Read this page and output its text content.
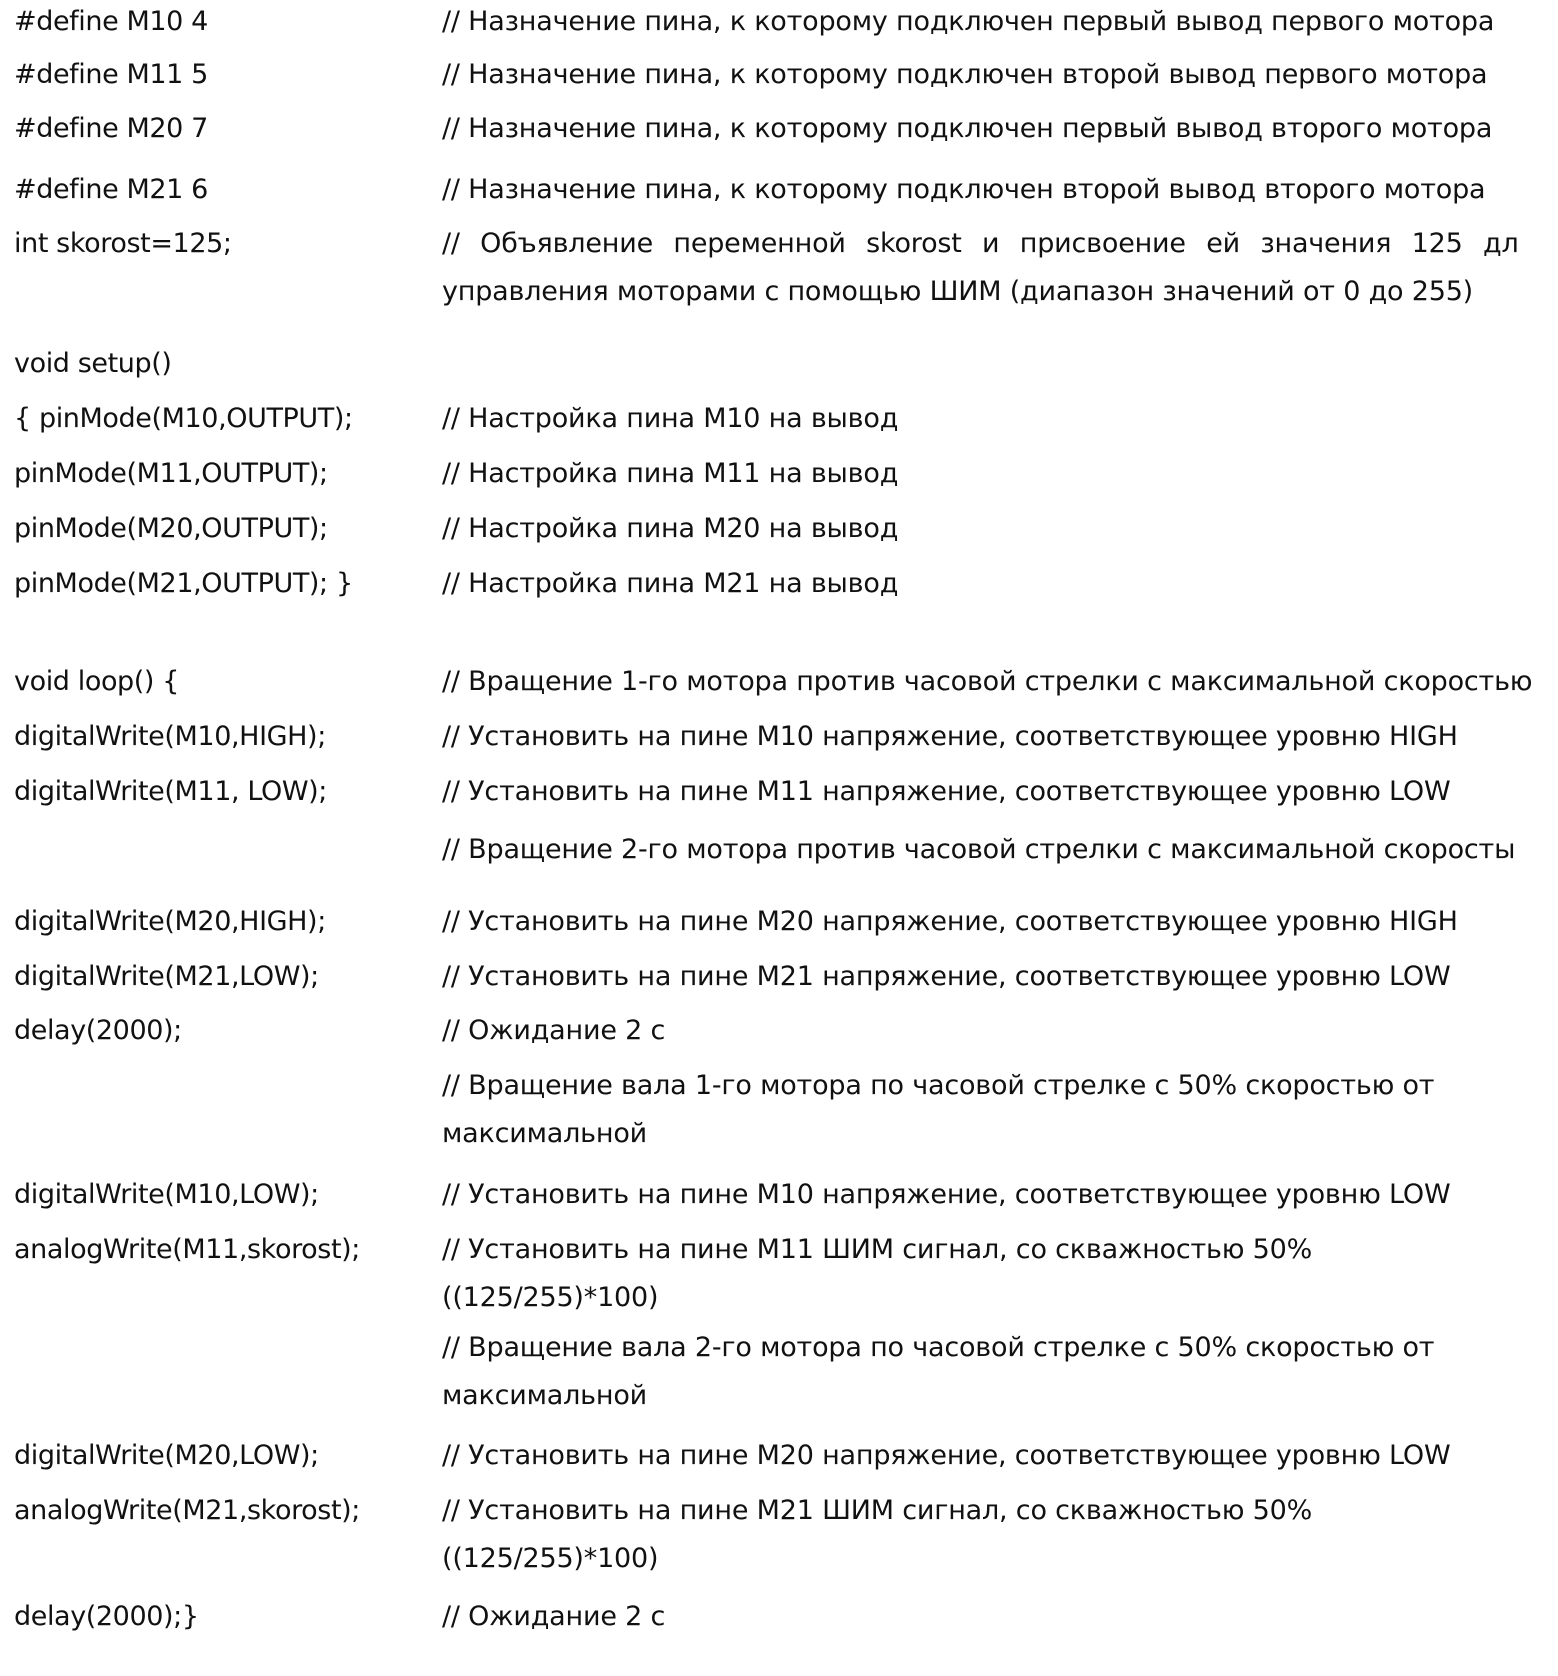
#define M10 4	// Назначение пина, к которому подключен первый вывод первого мотора
#define M11 5	// Назначение пина, к которому подключен второй вывод первого мотора
#define M20 7	// Назначение пина, к которому подключен первый вывод второго мотора
#define M21 6	// Назначение пина, к которому подключен второй вывод второго мотора
int skorost=125;	// Объявление переменной skorost и присвоение ей значения 125 дл
управления моторами с помощью ШИМ (диапазон значений от 0 до 255)
void setup()
{ pinMode(M10,OUTPUT);	// Настройка пина M10 на вывод
pinMode(M11,OUTPUT);	// Настройка пина M11 на вывод
pinMode(M20,OUTPUT);	// Настройка пина M20 на вывод
pinMode(M21,OUTPUT); }	// Настройка пина M21 на вывод
void loop() {	// Вращение 1-го мотора против часовой стрелки с максимальной скоростью
digitalWrite(M10,HIGH);	// Установить на пине M10 напряжение, соответствующее уровню HIGH
digitalWrite(M11, LOW);	// Установить на пине M11 напряжение, соответствующее уровню LOW
// Вращение 2-го мотора против часовой стрелки с максимальной скоросты
digitalWrite(M20,HIGH);	// Установить на пине M20 напряжение, соответствующее уровню HIGH
digitalWrite(M21,LOW);	// Установить на пине M21 напряжение, соответствующее уровню LOW
delay(2000);	// Ожидание 2 с
// Вращение вала 1-го мотора по часовой стрелке с 50% скоростью от
максимальной
digitalWrite(M10,LOW);	// Установить на пине M10 напряжение, соответствующее уровню LOW
analogWrite(M11,skorost);	// Установить на пине M11 ШИМ сигнал, со скважностью 50%
((125/255)*100)
// Вращение вала 2-го мотора по часовой стрелке с 50% скоростью от
максимальной
digitalWrite(M20,LOW);	// Установить на пине M20 напряжение, соответствующее уровню LOW
analogWrite(M21,skorost);	// Установить на пине M21 ШИМ сигнал, со скважностью 50%
((125/255)*100)
delay(2000);}	// Ожидание 2 с
